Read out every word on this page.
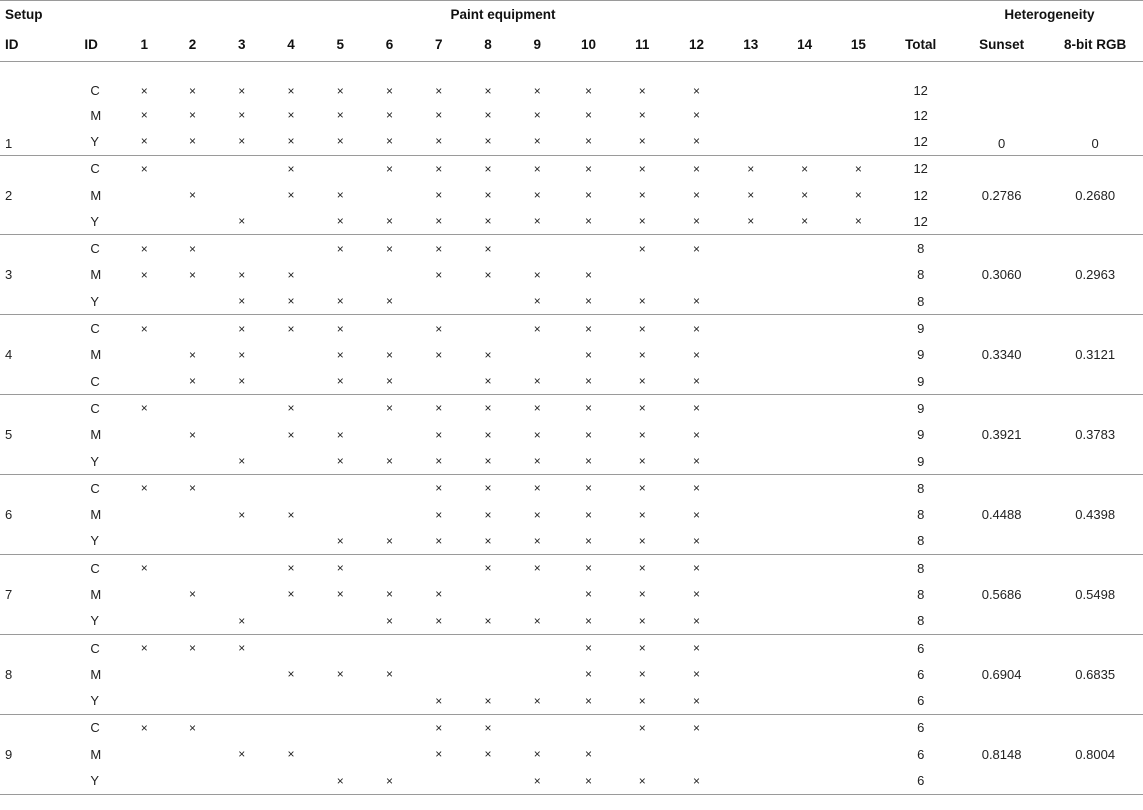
Setup		Paint equipment																Heterogeneity	
ID	ID	1	2	3	4	5	6	7	8	9	10	11	12	13	14	15	Total	Sunset	8-bit RGB
1	C	×	×	×	×	×	×	×	×	×	×	×	×				12	0	0
	M	×	×	×	×	×	×	×	×	×	×	×	×				12		
	Y	×	×	×	×	×	×	×	×	×	×	×	×				12		
2	C	×			×		×	×	×	×	×	×	×	×	×	×	12	0.2786	0.2680
	M		×		×	×		×	×	×	×	×	×	×	×	×	12		
	Y			×		×	×	×	×	×	×	×	×	×	×	×	12		
3	C	×	×			×	×	×	×			×	×				8	0.3060	0.2963
	M	×	×	×	×			×	×	×	×						8		
	Y			×	×	×	×			×	×	×	×				8		
4	C	×		×	×	×		×		×	×	×	×				9	0.3340	0.3121
	M		×	×		×	×	×	×		×	×	×				9		
	C		×	×		×	×		×	×	×	×	×				9		
5	C	×			×		×	×	×	×	×	×	×				9	0.3921	0.3783
	M		×		×	×		×	×	×	×	×	×				9		
	Y			×		×	×	×	×	×	×	×	×				9		
6	C	×	×					×	×	×	×	×	×				8	0.4488	0.4398
	M			×	×			×	×	×	×	×	×				8		
	Y					×	×	×	×	×	×	×	×				8		
7	C	×			×	×			×	×	×	×	×				8	0.5686	0.5498
	M		×		×	×	×	×			×	×	×				8		
	Y			×			×	×	×	×	×	×	×				8		
8	C	×	×	×							×	×	×				6	0.6904	0.6835
	M				×	×	×				×	×	×				6		
	Y							×	×	×	×	×	×				6		
9	C	×	×					×	×			×	×				6	0.8148	0.8004
	M			×	×			×	×	×	×						6		
	Y					×	×			×	×	×	×				6		
